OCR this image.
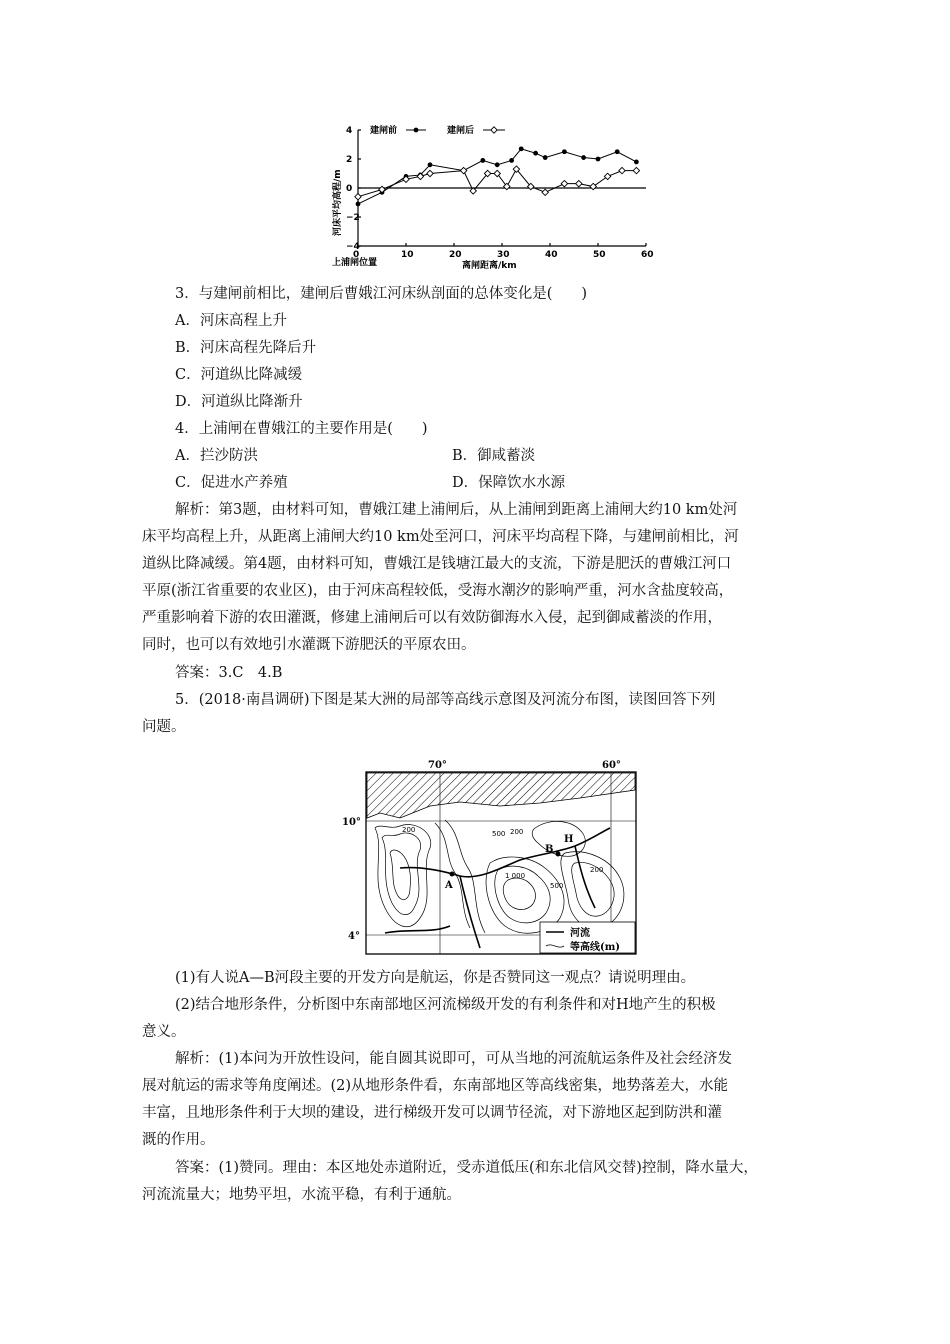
0	10	20	30	40	50	60
4
2
0
−2
−4
建闸前	建闸后
上浦闸位置	离闸距离/km
河床平均高程/m
3．与建闸前相比，建闸后曹娥江河床纵剖面的总体变化是(　　)
A．河床高程上升
B．河床高程先降后升
C．河道纵比降减缓
D．河道纵比降渐升
4．上浦闸在曹娥江的主要作用是(　　)
A．拦沙防洪	B．御咸蓄淡
C．促进水产养殖	D．保障饮水水源
解析：第3题，由材料可知，曹娥江建上浦闸后，从上浦闸到距离上浦闸大约10 km处河
床平均高程上升，从距离上浦闸大约10 km处至河口，河床平均高程下降，与建闸前相比，河
道纵比降减缓。第4题，由材料可知，曹娥江是钱塘江最大的支流，下游是肥沃的曹娥江河口
平原(浙江省重要的农业区)，由于河床高程较低，受海水潮汐的影响严重，河水含盐度较高，
严重影响着下游的农田灌溉，修建上浦闸后可以有效防御海水入侵，起到御咸蓄淡的作用，
同时，也可以有效地引水灌溉下游肥沃的平原农田。
答案：3.C　4.B
5．(2018·南昌调研)下图是某大洲的局部等高线示意图及河流分布图，读图回答下列
问题。
A
B
H
200	500 200
1 000
500
200
70°	60°
10°
4°	河流
等高线(m)
(1)有人说A—B河段主要的开发方向是航运，你是否赞同这一观点？请说明理由。
(2)结合地形条件，分析图中东南部地区河流梯级开发的有利条件和对H地产生的积极
意义。
解析：(1)本问为开放性设问，能自圆其说即可，可从当地的河流航运条件及社会经济发
展对航运的需求等角度阐述。(2)从地形条件看，东南部地区等高线密集，地势落差大，水能
丰富，且地形条件利于大坝的建设，进行梯级开发可以调节径流，对下游地区起到防洪和灌
溉的作用。
答案：(1)赞同。理由：本区地处赤道附近，受赤道低压(和东北信风交替)控制，降水量大，
河流流量大；地势平坦，水流平稳，有利于通航。
